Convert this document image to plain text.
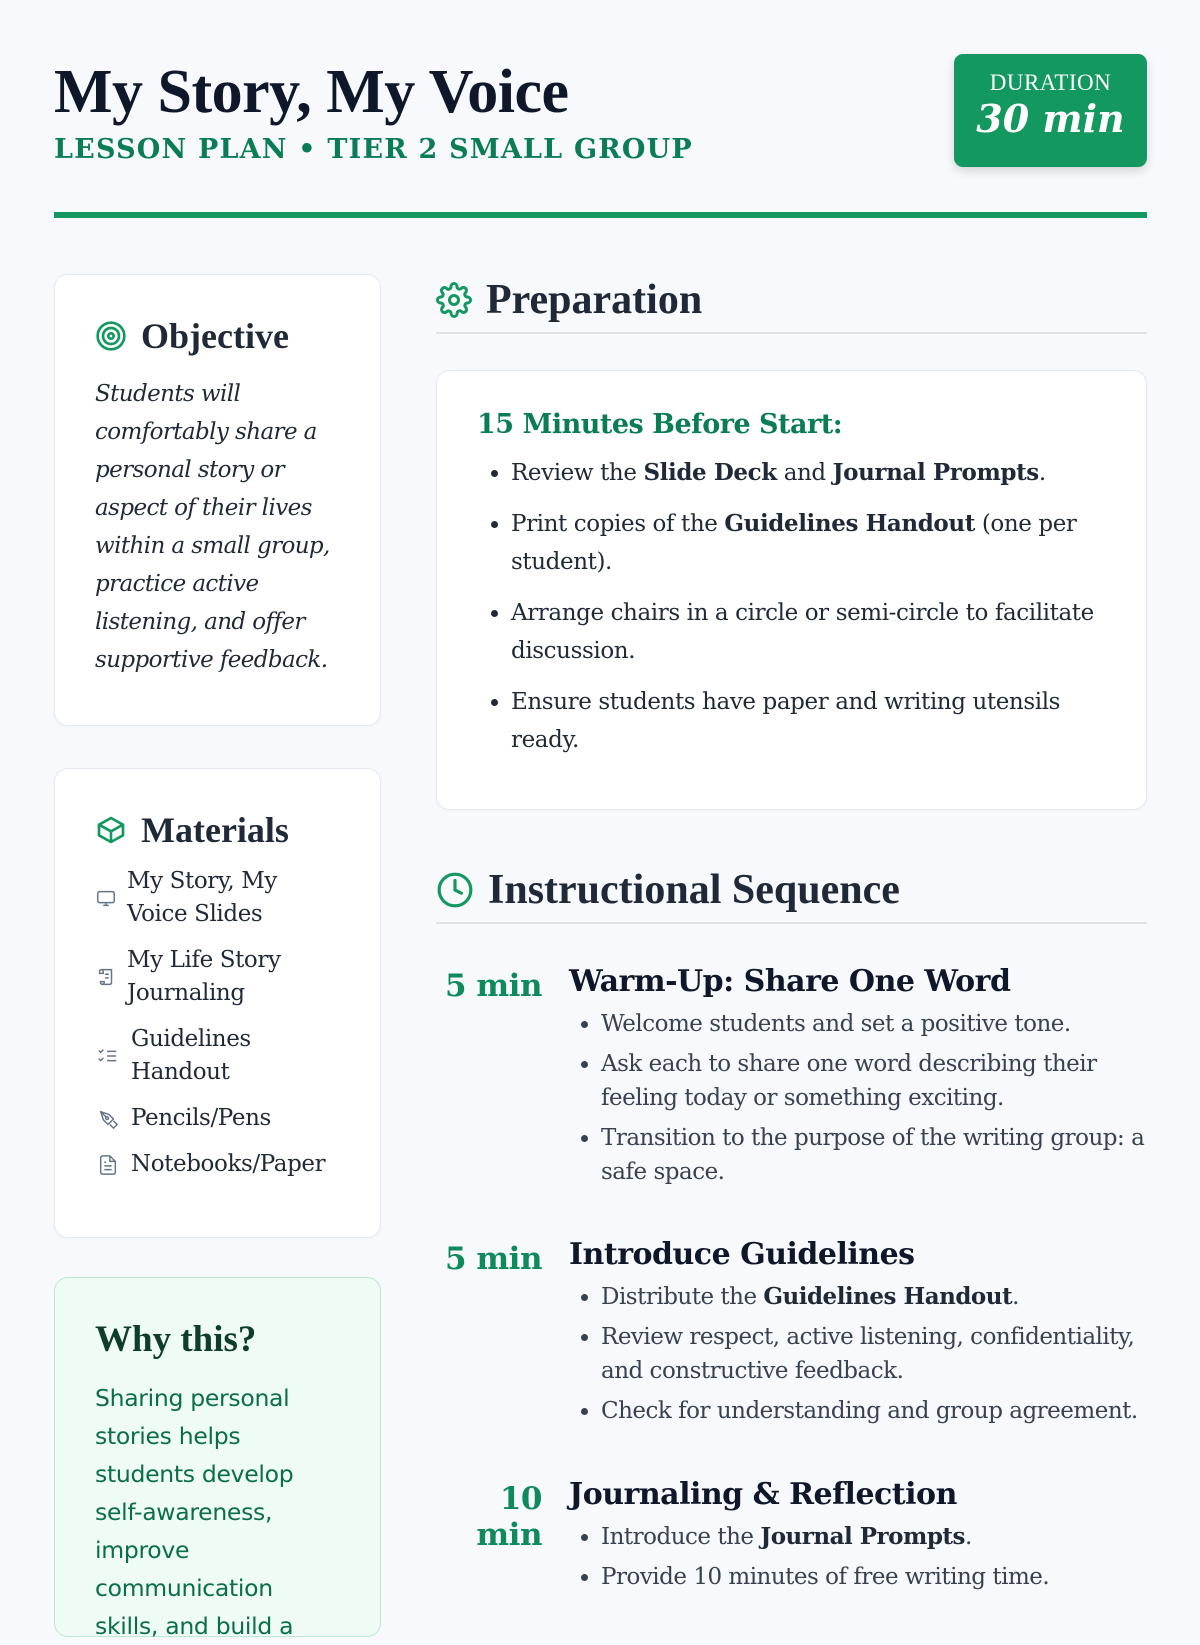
My Story, My Voice
LESSON PLAN • TIER 2 SMALL GROUP
DURATION
30 min
Objective
Students will comfortably share a personal story or aspect of their lives within a small group, practice active listening, and offer supportive feedback.
Materials
My Story, My Voice Slides
My Life Story Journaling
Guidelines Handout
Pencils/Pens
Notebooks/Paper
Why this?
Sharing personal stories helps students develop self-awareness, improve communication skills, and build a
Preparation
15 Minutes Before Start:
• Review the Slide Deck and Journal Prompts.
• Print copies of the Guidelines Handout (one per student).
• Arrange chairs in a circle or semi-circle to facilitate discussion.
• Ensure students have paper and writing utensils ready.
Instructional Sequence
5 min Warm-Up: Share One Word
• Welcome students and set a positive tone.
• Ask each to share one word describing their feeling today or something exciting.
• Transition to the purpose of the writing group: a safe space.
5 min Introduce Guidelines
• Distribute the Guidelines Handout.
• Review respect, active listening, confidentiality, and constructive feedback.
• Check for understanding and group agreement.
10 min
Journaling & Reflection
• Introduce the Journal Prompts.
• Provide 10 minutes of free writing time.
